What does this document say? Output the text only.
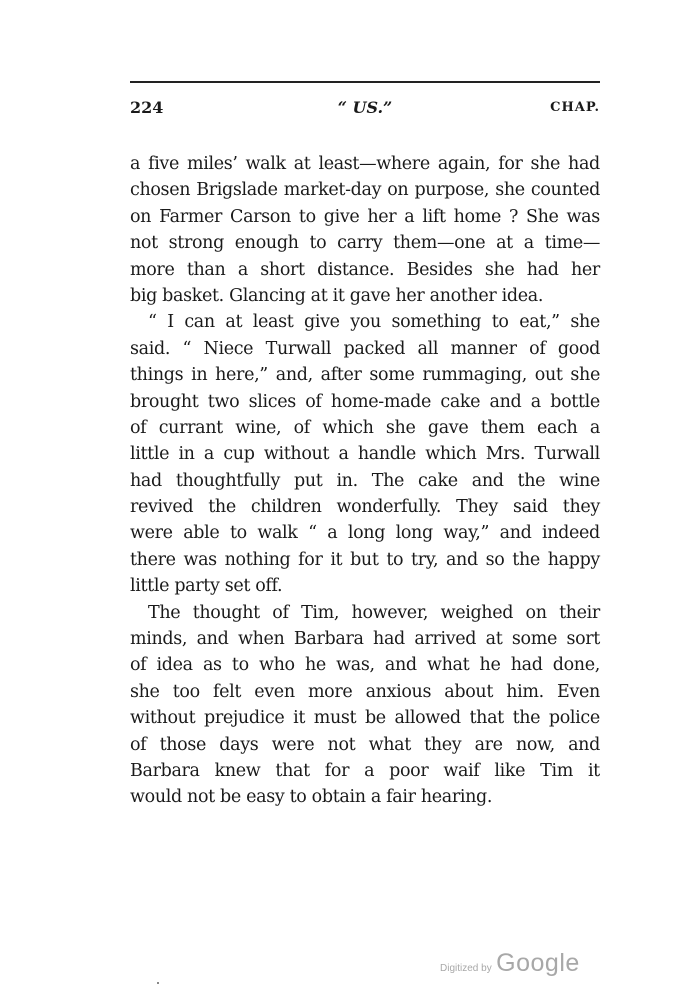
224	“ US.”	CHAP.
a five miles’ walk at least—where again, for she had
chosen Brigslade market-day on purpose, she counted
on Farmer Carson to give her a lift home ? She was
not strong enough to carry them—one at a time—
more than a short distance. Besides she had her
big basket. Glancing at it gave her another idea.
“ I can at least give you something to eat,” she
said. “ Niece Turwall packed all manner of good
things in here,” and, after some rummaging, out she
brought two slices of home-made cake and a bottle
of currant wine, of which she gave them each a
little in a cup without a handle which Mrs. Turwall
had thoughtfully put in. The cake and the wine
revived the children wonderfully. They said they
were able to walk “ a long long way,” and indeed
there was nothing for it but to try, and so the happy
little party set off.
The thought of Tim, however, weighed on their
minds, and when Barbara had arrived at some sort
of idea as to who he was, and what he had done,
she too felt even more anxious about him. Even
without prejudice it must be allowed that the police
of those days were not what they are now, and
Barbara knew that for a poor waif like Tim it
would not be easy to obtain a fair hearing.
Digitized by Google
